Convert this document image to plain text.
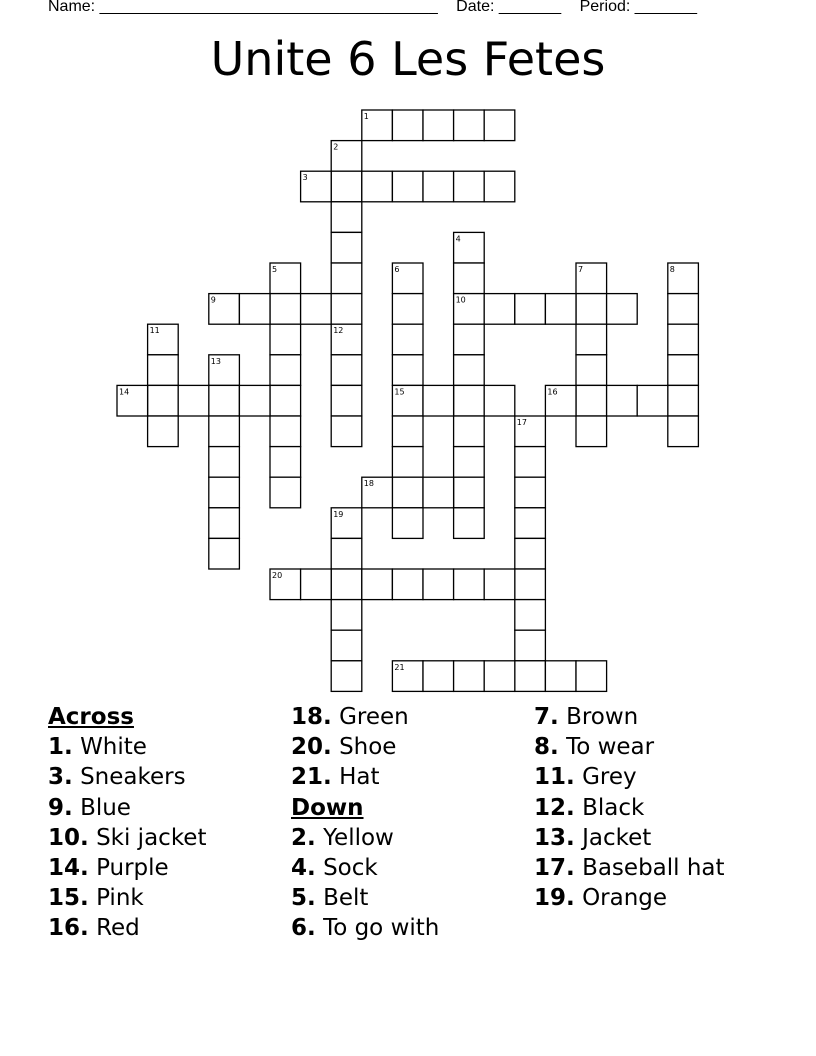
Name: ______________________________________ Date: _______ Period: _______
Unite 6 Les Fetes
1
2
3
4
5	6	7	8
9	10
11	12
13
14	15	16
17
18
19
20
21
Across
1. White
3. Sneakers
9. Blue
10. Ski jacket
14. Purple
15. Pink
16. Red
18. Green
20. Shoe
21. Hat
Down
2. Yellow
4. Sock
5. Belt
6. To go with
7. Brown
8. To wear
11. Grey
12. Black
13. Jacket
17. Baseball hat
19. Orange
